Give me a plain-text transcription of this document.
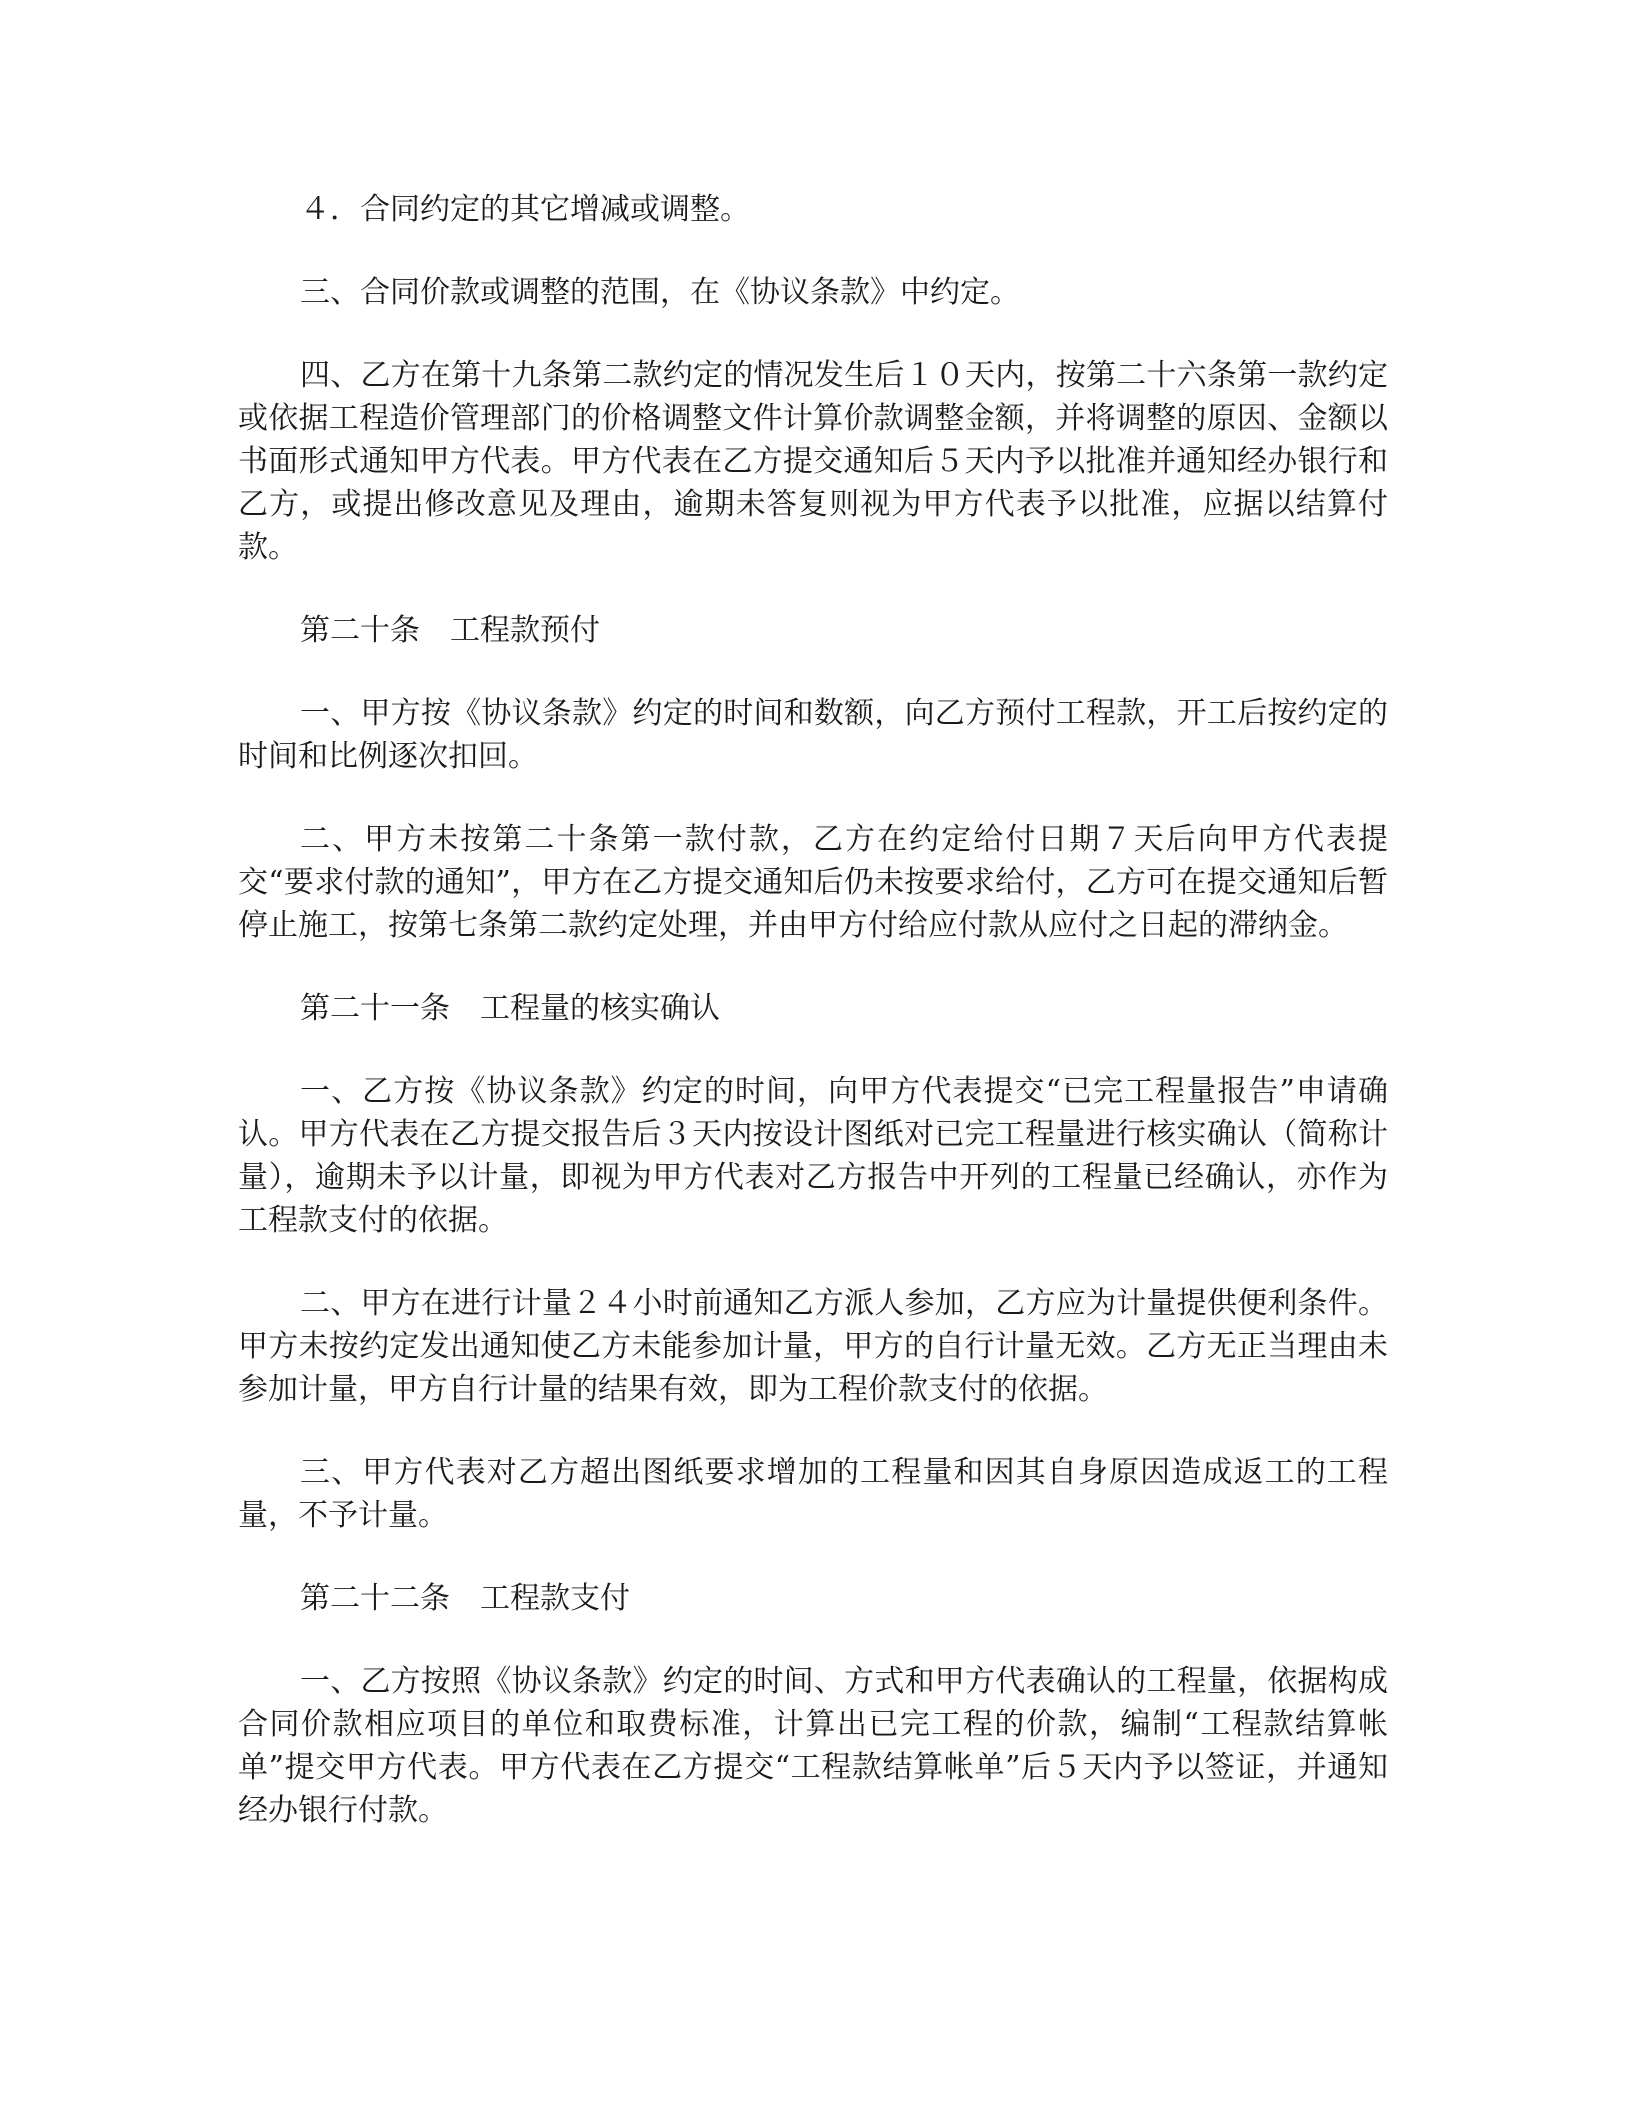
４．合同约定的其它增减或调整。

三、合同价款或调整的范围，在《协议条款》中约定。

四、乙方在第十九条第二款约定的情况发生后１０天内，按第二十六条第一款约定或依据工程造价管理部门的价格调整文件计算价款调整金额，并将调整的原因、金额以书面形式通知甲方代表。甲方代表在乙方提交通知后５天内予以批准并通知经办银行和乙方，或提出修改意见及理由，逾期未答复则视为甲方代表予以批准，应据以结算付款。

第二十条　工程款预付

一、甲方按《协议条款》约定的时间和数额，向乙方预付工程款，开工后按约定的时间和比例逐次扣回。

二、甲方未按第二十条第一款付款，乙方在约定给付日期７天后向甲方代表提交“要求付款的通知”，甲方在乙方提交通知后仍未按要求给付，乙方可在提交通知后暂停止施工，按第七条第二款约定处理，并由甲方付给应付款从应付之日起的滞纳金。

第二十一条　工程量的核实确认

一、乙方按《协议条款》约定的时间，向甲方代表提交“已完工程量报告”申请确认。甲方代表在乙方提交报告后３天内按设计图纸对已完工程量进行核实确认（简称计量），逾期未予以计量，即视为甲方代表对乙方报告中开列的工程量已经确认，亦作为工程款支付的依据。

二、甲方在进行计量２４小时前通知乙方派人参加，乙方应为计量提供便利条件。甲方未按约定发出通知使乙方未能参加计量，甲方的自行计量无效。乙方无正当理由未参加计量，甲方自行计量的结果有效，即为工程价款支付的依据。

三、甲方代表对乙方超出图纸要求增加的工程量和因其自身原因造成返工的工程量，不予计量。

第二十二条　工程款支付

一、乙方按照《协议条款》约定的时间、方式和甲方代表确认的工程量，依据构成合同价款相应项目的单位和取费标准，计算出已完工程的价款，编制“工程款结算帐单”提交甲方代表。甲方代表在乙方提交“工程款结算帐单”后５天内予以签证，并通知经办银行付款。
